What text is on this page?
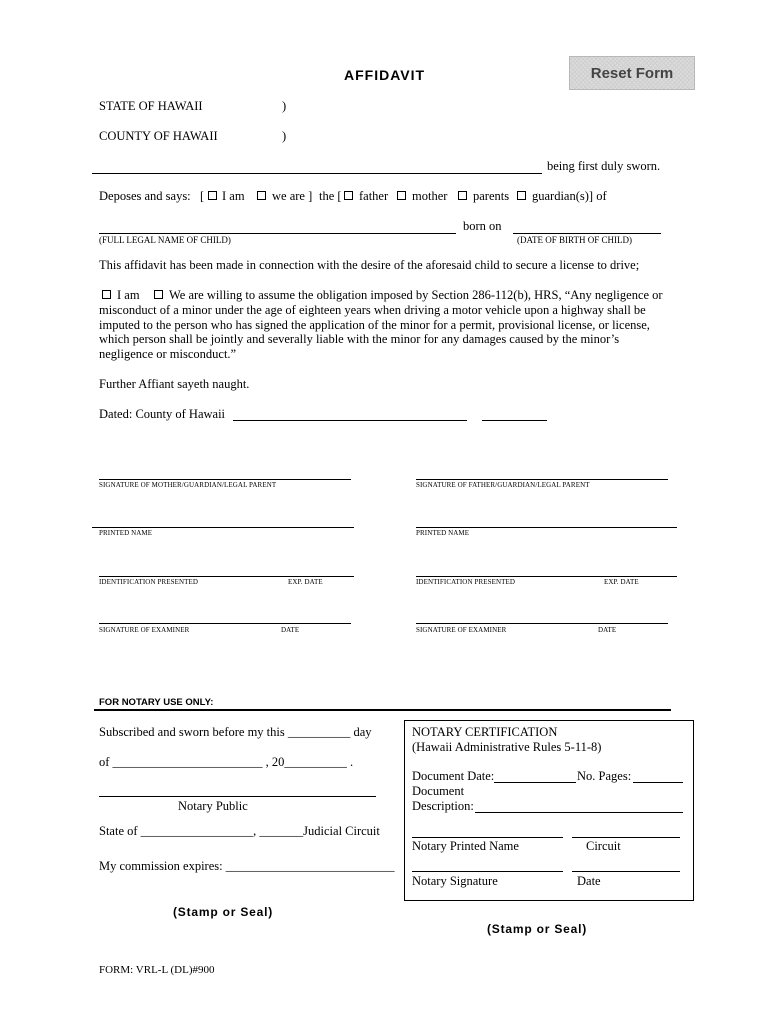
AFFIDAVIT	Reset Form
STATE OF HAWAII	)
COUNTY OF HAWAII	)
being first duly sworn.
Deposes and says: [ I am we are ] the [ father mother parents guardian(s)] of
born on
(FULL LEGAL NAME OF CHILD)	(DATE OF BIRTH OF CHILD)
This affidavit has been made in connection with the desire of the aforesaid child to secure a license to drive;
I am We are willing to assume the obligation imposed by Section 286-112(b), HRS, “Any negligence or
misconduct of a minor under the age of eighteen years when driving a motor vehicle upon a highway shall be imputed to the person who has signed the application of the minor for a permit, provisional license, or license, which person shall be jointly and severally liable with the minor for any damages caused by the minor’s negligence or misconduct.”
Further Affiant sayeth naught.
Dated: County of Hawaii
SIGNATURE OF MOTHER/GUARDIAN/LEGAL PARENT	SIGNATURE OF FATHER/GUARDIAN/LEGAL PARENT
PRINTED NAME	PRINTED NAME
IDENTIFICATION PRESENTED	EXP. DATE	IDENTIFICATION PRESENTED	EXP. DATE
SIGNATURE OF EXAMINER	DATE	SIGNATURE OF EXAMINER	DATE
FOR NOTARY USE ONLY:
Subscribed and sworn before my this __________ day
of ________________________ , 20__________ .
Notary Public
State of __________________, _______Judicial Circuit
My commission expires: ___________________________
NOTARY CERTIFICATION
(Hawaii Administrative Rules 5-11-8)
Document Date:	No. Pages:
Document
Description:
Notary Printed Name	Circuit
Notary Signature	Date
(Stamp or Seal)
(Stamp or Seal)
FORM: VRL-L (DL)#900
